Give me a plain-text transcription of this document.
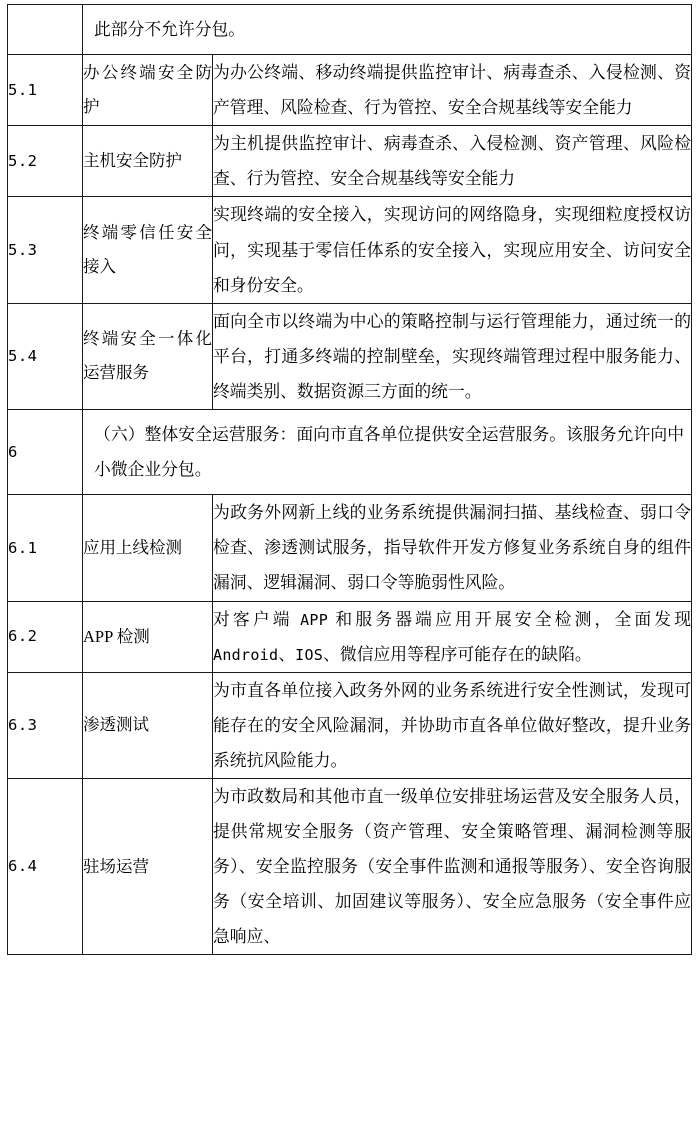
	此部分不允许分包。	
5.1	办公终端安全防护	为办公终端、移动终端提供监控审计、病毒查杀、入侵检测、资产管理、风险检查、行为管控、安全合规基线等安全能力
5.2	主机安全防护	为主机提供监控审计、病毒查杀、入侵检测、资产管理、风险检查、行为管控、安全合规基线等安全能力
5.3	终端零信任安全接入	实现终端的安全接入，实现访问的网络隐身，实现细粒度授权访问，实现基于零信任体系的安全接入，实现应用安全、访问安全和身份安全。
5.4	终端安全一体化运营服务	面向全市以终端为中心的策略控制与运行管理能力，通过统一的平台，打通多终端的控制壁垒，实现终端管理过程中服务能力、终端类别、数据资源三方面的统一。
6	（六）整体安全运营服务：面向市直各单位提供安全运营服务。该服务允许向中小微企业分包。	
6.1	应用上线检测	为政务外网新上线的业务系统提供漏洞扫描、基线检查、弱口令检查、渗透测试服务，指导软件开发方修复业务系统自身的组件漏洞、逻辑漏洞、弱口令等脆弱性风险。
6.2	APP 检测	对客户端 APP 和服务器端应用开展安全检测，全面发现 Android、IOS、微信应用等程序可能存在的缺陷。
6.3	渗透测试	为市直各单位接入政务外网的业务系统进行安全性测试，发现可能存在的安全风险漏洞，并协助市直各单位做好整改，提升业务系统抗风险能力。
6.4	驻场运营	为市政数局和其他市直一级单位安排驻场运营及安全服务人员，提供常规安全服务（资产管理、安全策略管理、漏洞检测等服务）、安全监控服务（安全事件监测和通报等服务）、安全咨询服务（安全培训、加固建议等服务）、安全应急服务（安全事件应急响应、
